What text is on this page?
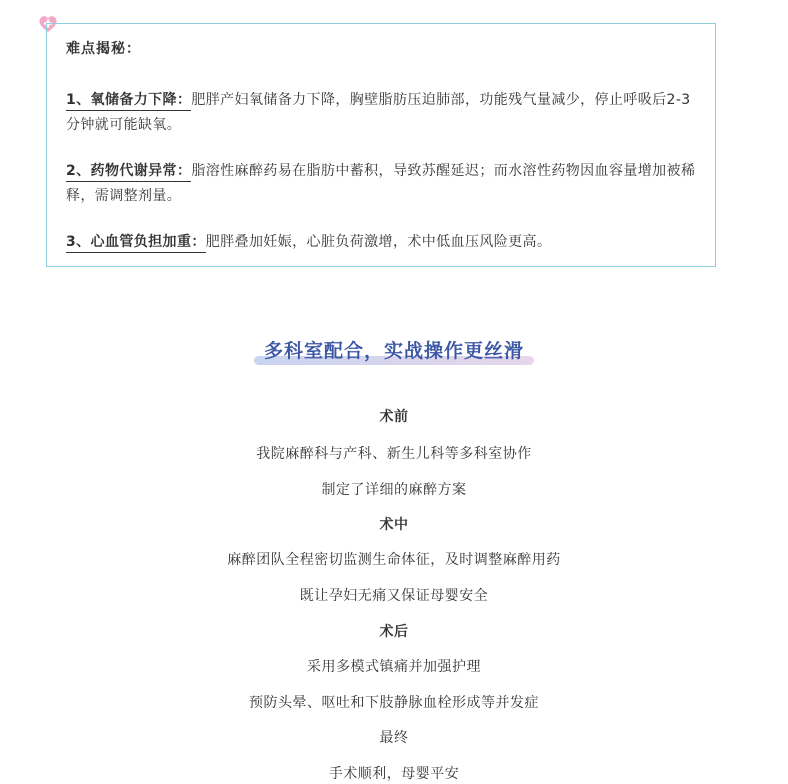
难点揭秘：
1、氧储备力下降：肥胖产妇氧储备力下降，胸壁脂肪压迫肺部，功能残气量减少，停止呼吸后2-3分钟就可能缺氧。
2、药物代谢异常：脂溶性麻醉药易在脂肪中蓄积，导致苏醒延迟；而水溶性药物因血容量增加被稀释，需调整剂量。
3、心血管负担加重：肥胖叠加妊娠，心脏负荷激增，术中低血压风险更高。
多科室配合，实战操作更丝滑
术前
我院麻醉科与产科、新生儿科等多科室协作
制定了详细的麻醉方案
术中
麻醉团队全程密切监测生命体征，及时调整麻醉用药
既让孕妇无痛又保证母婴安全
术后
采用多模式镇痛并加强护理
预防头晕、呕吐和下肢静脉血栓形成等并发症
最终
手术顺利，母婴平安
